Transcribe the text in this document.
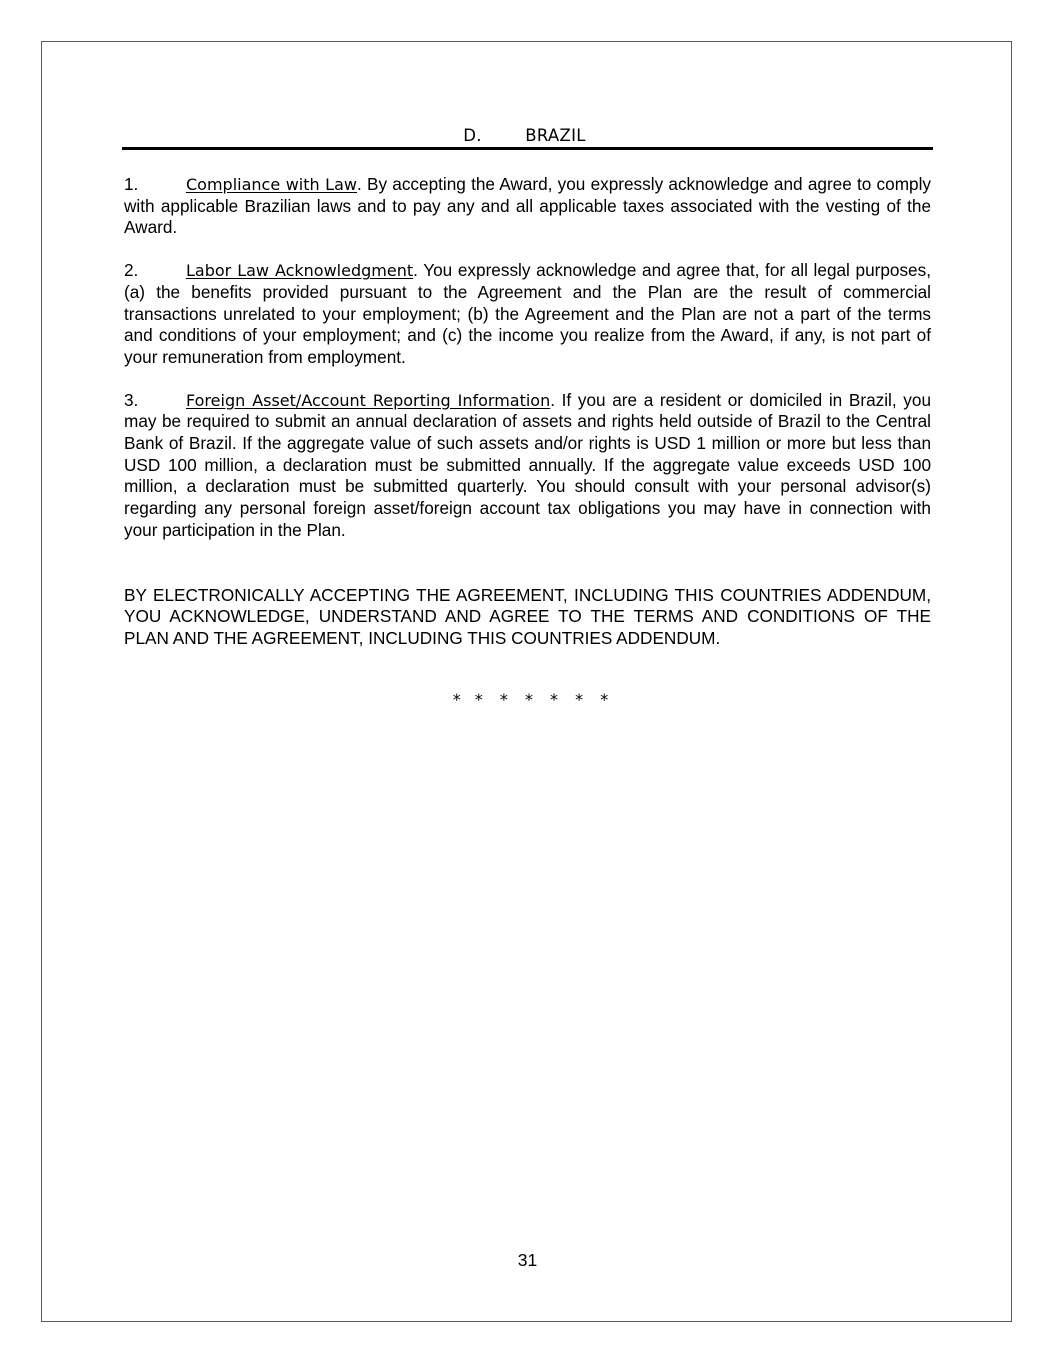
D.	BRAZIL

1.	Compliance with Law. By accepting the Award, you expressly acknowledge and agree to comply with applicable Brazilian laws and to pay any and all applicable taxes associated with the vesting of the Award.

2.	Labor Law Acknowledgment. You expressly acknowledge and agree that, for all legal purposes, (a) the benefits provided pursuant to the Agreement and the Plan are the result of commercial transactions unrelated to your employment; (b) the Agreement and the Plan are not a part of the terms and conditions of your employment; and (c) the income you realize from the Award, if any, is not part of your remuneration from employment.

3.	Foreign Asset/Account Reporting Information. If you are a resident or domiciled in Brazil, you may be required to submit an annual declaration of assets and rights held outside of Brazil to the Central Bank of Brazil. If the aggregate value of such assets and/or rights is USD 1 million or more but less than USD 100 million, a declaration must be submitted annually. If the aggregate value exceeds USD 100 million, a declaration must be submitted quarterly. You should consult with your personal advisor(s) regarding any personal foreign asset/foreign account tax obligations you may have in connection with your participation in the Plan.

BY ELECTRONICALLY ACCEPTING THE AGREEMENT, INCLUDING THIS COUNTRIES ADDENDUM, YOU ACKNOWLEDGE, UNDERSTAND AND AGREE TO THE TERMS AND CONDITIONS OF THE PLAN AND THE AGREEMENT, INCLUDING THIS COUNTRIES ADDENDUM.

* * * * * * *
31
